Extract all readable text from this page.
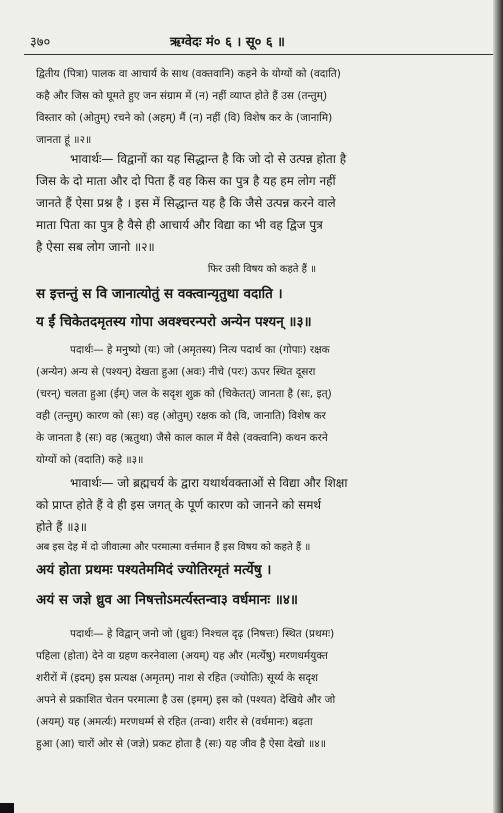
३७०	ऋग्वेदः मं० ६ । सू० ६ ॥

द्वितीय (पित्रा) पालक वा आचार्य के साथ (वक्तवानि) कहने के योग्यों को (वदाति)

कहै और जिस को घूमते हुए जन संग्राम में (न) नहीं व्याप्त होते हैं उस (तन्तुम्)

विस्तार को (ओतुम्) रचने को (अहम्) मैं (न) नहीं (वि) विशेष कर के (जानामि)

जानता हूं ॥२॥

भावार्थः— विद्वानों का यह सिद्धान्त है कि जो दो से उत्पन्न होता है

जिस के दो माता और दो पिता हैं वह किस का पुत्र है यह हम लोग नहीं

जानते हैं ऐसा प्रश्न है । इस में सिद्धान्त यह है कि जैसे उत्पन्न करने वाले

माता पिता का पुत्र है वैसे ही आचार्य और विद्या का भी वह द्विज पुत्र

है ऐसा सब लोग जानो ॥२॥

फिर उसी विषय को कहते हैं ॥

स इत्तन्तुं स वि जानात्योतुं स वक्त्वान्यृतुथा वदाति ।

य ईं चिकेतदमृतस्य गोपा अवश्चरन्परो अन्येन पश्यन् ॥३॥

पदार्थः— हे मनुष्यो (यः) जो (अमृतस्य) नित्य पदार्थ का (गोपाः) रक्षक

(अन्येन) अन्य से (पश्यन्) देखता हुआ (अवः) नीचे (परः) ऊपर स्थित दूसरा

(चरन्) चलता हुआ (ईम्) जल के सदृश शुक्र को (चिकेतत्) जानता है (सः, इत्)

वही (तन्तुम्) कारण को (सः) वह (ओतुम्) रक्षक को (वि, जानाति) विशेष कर

के जानता है (सः) वह (ऋतुथा) जैसे काल काल में वैसे (वक्त्वानि) कथन करने

योग्यों को (वदाति) कहे ॥३॥

भावार्थः— जो ब्रह्मचर्य के द्वारा यथार्थवक्ताओं से विद्या और शिक्षा

को प्राप्त होते हैं वे ही इस जगत् के पूर्ण कारण को जानने को समर्थ

होते हैं ॥३॥

अब इस देह में दो जीवात्मा और परमात्मा वर्त्तमान हैं इस विषय को कहते हैं ॥

अयं होता प्रथमः पश्यतेममिदं ज्योतिरमृतं मर्त्येषु ।

अयं स जज्ञे ध्रुव आ निषत्तोऽमर्त्यस्तन्वा३ वर्धमानः ॥४॥

पदार्थः— हे विद्वान् जनो जो (ध्रुवः) निश्चल दृढ़ (निषत्तः) स्थित (प्रथमः)

पहिला (होता) देने वा ग्रहण करनेवाला (अयम्) यह और (मर्त्येषु) मरणधर्मयुक्त

शरीरों में (इदम्) इस प्रत्यक्ष (अमृतम्) नाश से रहित (ज्योतिः) सूर्य्य के सदृश

अपने से प्रकाशित चेतन परमात्मा है उस (इमम्) इस को (पश्यत) देखिये और जो

(अयम्) यह (अमर्त्यः) मरणधर्म्म से रहित (तन्वा) शरीर से (वर्धमानः) बढ़ता

हुआ (आ) चारों ओर से (जज्ञे) प्रकट होता है (सः) यह जीव है ऐसा देखो ॥४॥
